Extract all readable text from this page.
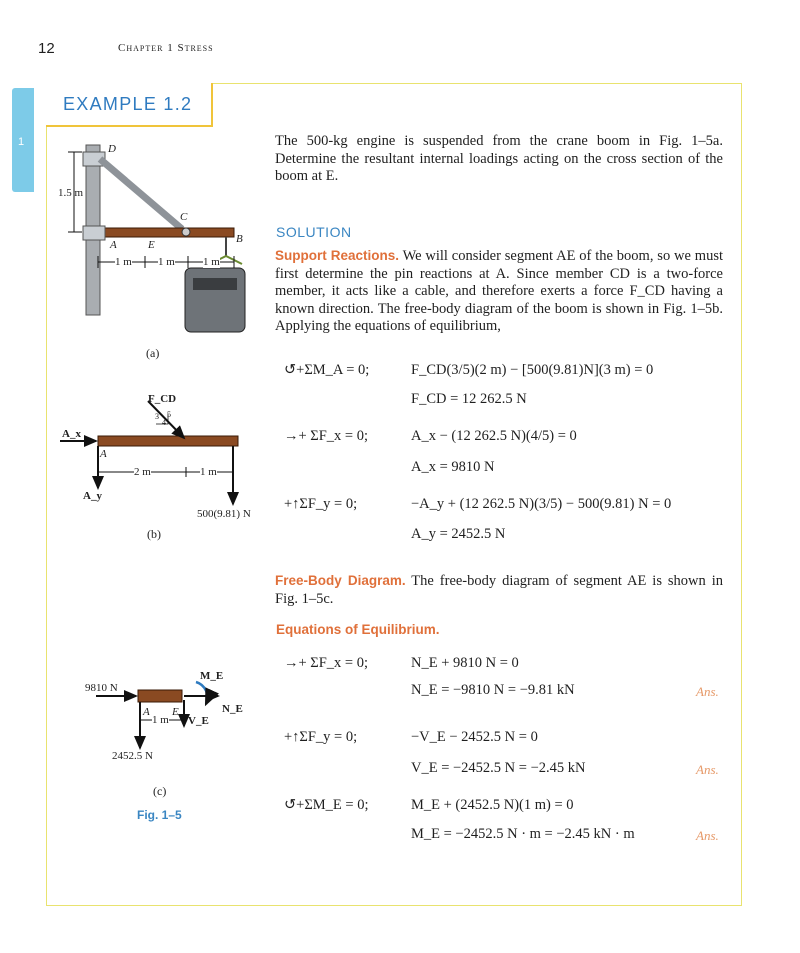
12	Chapter 1 Stress
1
EXAMPLE 1.2
The 500-kg engine is suspended from the crane boom in Fig. 1–5a. Determine the resultant internal loadings acting on the cross section of the boom at E.
SOLUTION
Support Reactions. We will consider segment AE of the boom, so we must first determine the pin reactions at A. Since member CD is a two-force member, it acts like a cable, and therefore exerts a force F_CD having a known direction. The free-body diagram of the boom is shown in Fig. 1–5b. Applying the equations of equilibrium,
↺+ΣM_A = 0;	F_CD(3/5)(2 m) − [500(9.81)N](3 m) = 0
F_CD = 12 262.5 N
→+ ΣF_x = 0;	A_x − (12 262.5 N)(4/5) = 0
A_x = 9810 N
+↑ΣF_y = 0;	−A_y + (12 262.5 N)(3/5) − 500(9.81) N = 0
A_y = 2452.5 N
Free-Body Diagram. The free-body diagram of segment AE is shown in Fig. 1–5c.
Equations of Equilibrium.
→+ ΣF_x = 0;	N_E + 9810 N = 0
N_E = −9810 N = −9.81 kN	Ans.
+↑ΣF_y = 0;	−V_E − 2452.5 N = 0
V_E = −2452.5 N = −2.45 kN	Ans.
↺+ΣM_E = 0;	M_E + (2452.5 N)(1 m) = 0
M_E = −2452.5 N · m = −2.45 kN · m	Ans.
D
C
B
A	E
1.5 m
1 m 1 m	1 m
(a)
F_CD
4
3 5
A_x
A_y
A
2 m	1 m
500(9.81) N
(b)
9810 N
2452.5 N
A E
1 m
M_E
N_E
V_E
(c)
Fig. 1–5
